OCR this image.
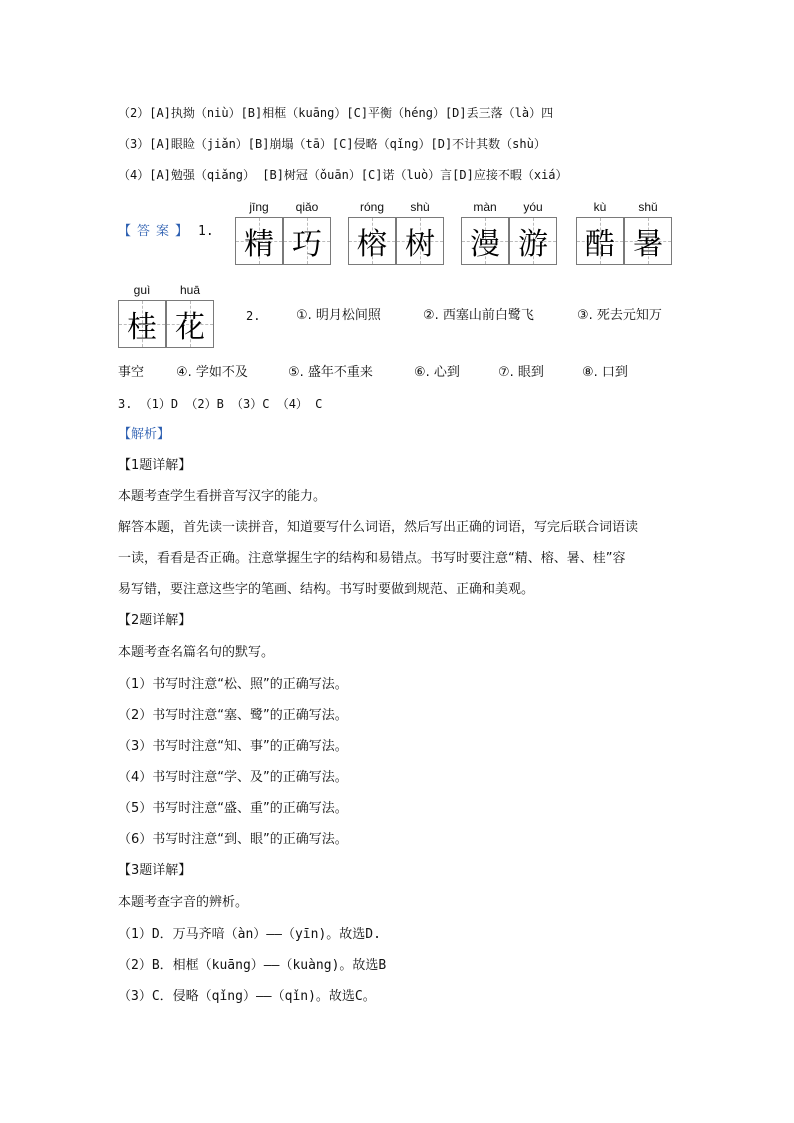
（2）[A]执拗（niù）[B]相框（kuāng）[C]平衡（héng）[D]丢三落（là）四
（3）[A]眼睑（jiǎn）[B]崩塌（tā）[C]侵略（qǐng）[D]不计其数（shù）
（4）[A]勉强（qiǎng） [B]树冠（ǒuān）[C]诺（luò）言[D]应接不暇（xiá）
【答案】 1.
jīng	qiǎo
精 巧
róng	shù
榕 树
màn	yóu
漫 游
kù	shǔ
酷 暑
guì	huā
桂 花	2.	①. 明月松间照	②. 西塞山前白鹭飞	③. 死去元知万
事空 ④. 学如不及	⑤. 盛年不重来	⑥. 心到	⑦. 眼到	⑧. 口到
3. （1）D （2）B （3）C （4） C
【解析】
【1题详解】
本题考查学生看拼音写汉字的能力。
解答本题，首先读一读拼音，知道要写什么词语，然后写出正确的词语，写完后联合词语读
一读，看看是否正确。注意掌握生字的结构和易错点。书写时要注意“精、榕、暑、桂”容
易写错，要注意这些字的笔画、结构。书写时要做到规范、正确和美观。
【2题详解】
本题考查名篇名句的默写。
（1）书写时注意“松、照”的正确写法。
（2）书写时注意“塞、鹭”的正确写法。
（3）书写时注意“知、事”的正确写法。
（4）书写时注意“学、及”的正确写法。
（5）书写时注意“盛、重”的正确写法。
（6）书写时注意“到、眼”的正确写法。
【3题详解】
本题考查字音的辨析。
（1）D．万马齐喑（àn）——（yīn)。故选D.
（2）B．相框（kuāng）——（kuàng)。故选B
（3）C．侵略（qǐng）——（qǐn)。故选C。
